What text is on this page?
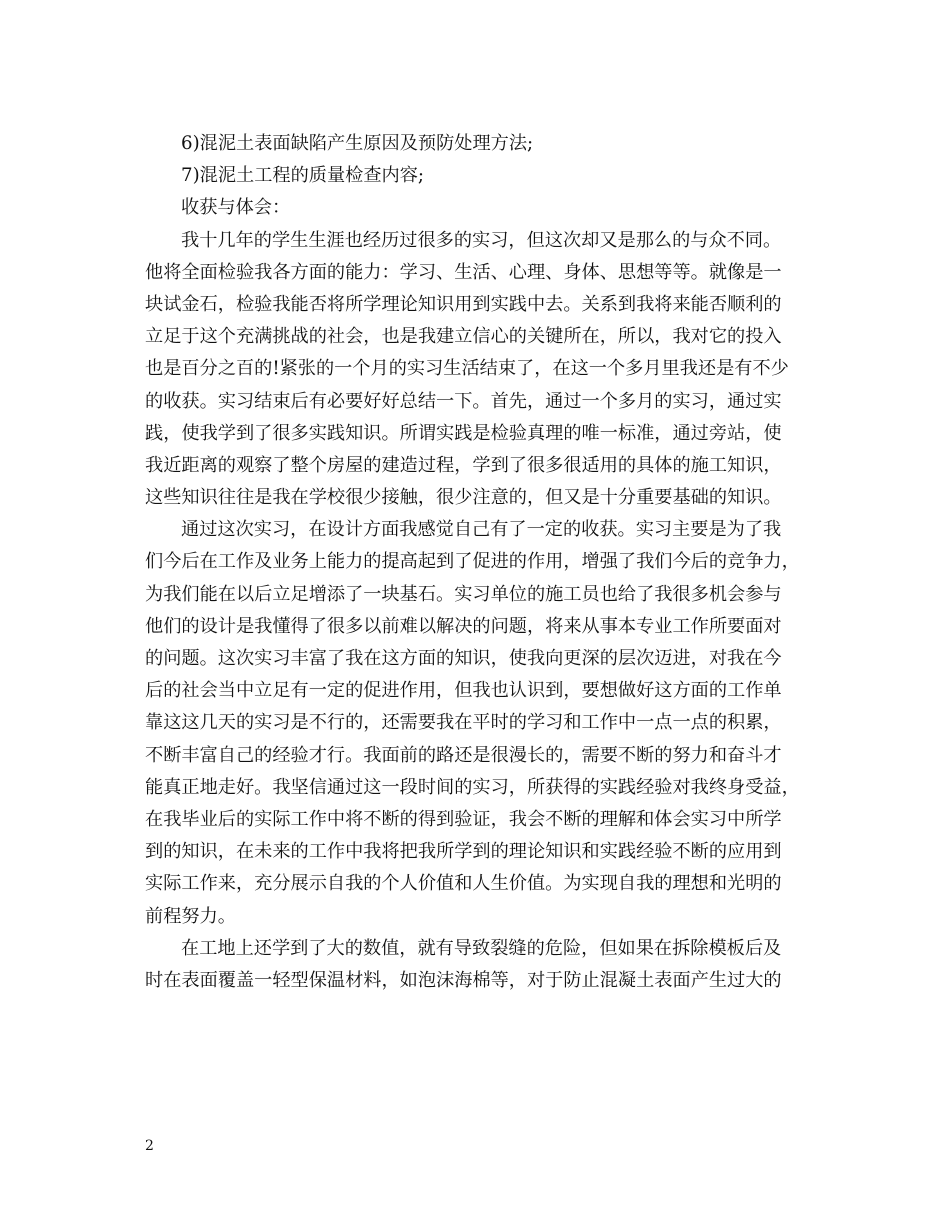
6)混泥土表面缺陷产生原因及预防处理方法;
7)混泥土工程的质量检查内容;
收获与体会：
我十几年的学生生涯也经历过很多的实习，但这次却又是那么的与众不同。
他将全面检验我各方面的能力：学习、生活、心理、身体、思想等等。就像是一
块试金石，检验我能否将所学理论知识用到实践中去。关系到我将来能否顺利的
立足于这个充满挑战的社会，也是我建立信心的关键所在，所以，我对它的投入
也是百分之百的!紧张的一个月的实习生活结束了，在这一个多月里我还是有不少
的收获。实习结束后有必要好好总结一下。首先，通过一个多月的实习，通过实
践，使我学到了很多实践知识。所谓实践是检验真理的唯一标准，通过旁站，使
我近距离的观察了整个房屋的建造过程，学到了很多很适用的具体的施工知识，
这些知识往往是我在学校很少接触，很少注意的，但又是十分重要基础的知识。
通过这次实习，在设计方面我感觉自己有了一定的收获。实习主要是为了我
们今后在工作及业务上能力的提高起到了促进的作用，增强了我们今后的竞争力，
为我们能在以后立足增添了一块基石。实习单位的施工员也给了我很多机会参与
他们的设计是我懂得了很多以前难以解决的问题，将来从事本专业工作所要面对
的问题。这次实习丰富了我在这方面的知识，使我向更深的层次迈进，对我在今
后的社会当中立足有一定的促进作用，但我也认识到，要想做好这方面的工作单
靠这这几天的实习是不行的，还需要我在平时的学习和工作中一点一点的积累，
不断丰富自己的经验才行。我面前的路还是很漫长的，需要不断的努力和奋斗才
能真正地走好。我坚信通过这一段时间的实习，所获得的实践经验对我终身受益，
在我毕业后的实际工作中将不断的得到验证，我会不断的理解和体会实习中所学
到的知识，在未来的工作中我将把我所学到的理论知识和实践经验不断的应用到
实际工作来，充分展示自我的个人价值和人生价值。为实现自我的理想和光明的
前程努力。
在工地上还学到了大的数值，就有导致裂缝的危险，但如果在拆除模板后及
时在表面覆盖一轻型保温材料，如泡沫海棉等，对于防止混凝土表面产生过大的
2
